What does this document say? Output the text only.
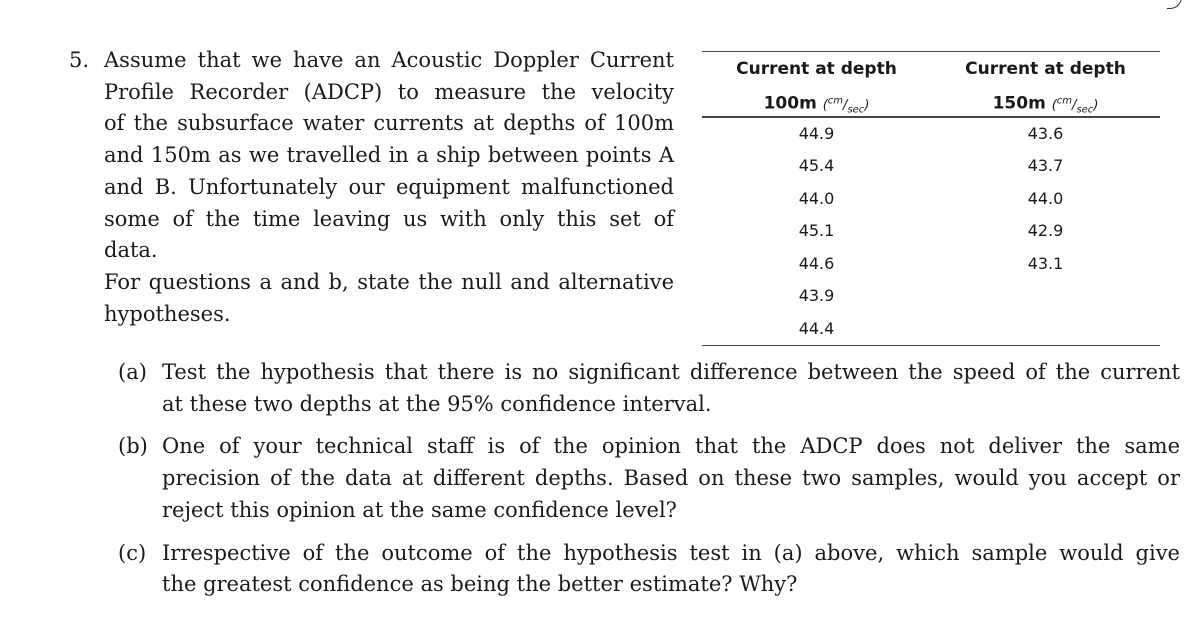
5. Assume that we have an Acoustic Doppler Current
Profile Recorder (ADCP) to measure the velocity
of the subsurface water currents at depths of 100m
and 150m as we travelled in a ship between points A
and B. Unfortunately our equipment malfunctioned
some of the time leaving us with only this set of
data.
For questions a and b, state the null and alternative
hypotheses.
Current at depth
100m $(^{cm}/_{sec})$
Current at depth
150m $(^{cm}/_{sec})$
44.9
45.4
44.0
45.1
44.6
43.9
44.4
43.6
43.7
44.0
42.9
43.1
(a) Test the hypothesis that there is no significant difference between the speed of the current
at these two depths at the 95% confidence interval.
(b) One of your technical staff is of the opinion that the ADCP does not deliver the same
precision of the data at different depths. Based on these two samples, would you accept or
reject this opinion at the same confidence level?
(c) Irrespective of the outcome of the hypothesis test in (a) above, which sample would give
the greatest confidence as being the better estimate? Why?
